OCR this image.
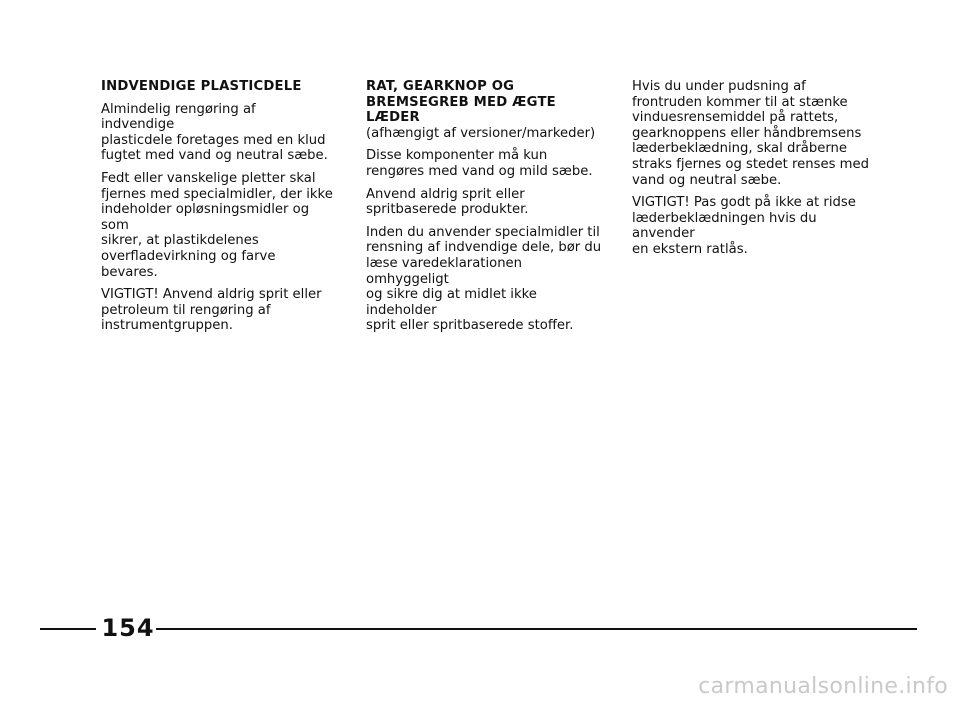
INDVENDIGE PLASTICDELE

Almindelig rengøring af indvendige
plasticdele foretages med en klud
fugtet med vand og neutral sæbe.

Fedt eller vanskelige pletter skal
fjernes med specialmidler, der ikke
indeholder opløsningsmidler og som
sikrer, at plastikdelenes
overfladevirkning og farve bevares.

VIGTIGT! Anvend aldrig sprit eller
petroleum til rengøring af
instrumentgruppen.

RAT, GEARKNOP OG
BREMSEGREB MED ÆGTE
LÆDER
(afhængigt af versioner/markeder)

Disse komponenter må kun
rengøres med vand og mild sæbe.

Anvend aldrig sprit eller
spritbaserede produkter.

Inden du anvender specialmidler til
rensning af indvendige dele, bør du
læse varedeklarationen omhyggeligt
og sikre dig at midlet ikke indeholder
sprit eller spritbaserede stoffer.

Hvis du under pudsning af
frontruden kommer til at stænke
vinduesrensemiddel på rattets,
gearknoppens eller håndbremsens
læderbeklædning, skal dråberne
straks fjernes og stedet renses med
vand og neutral sæbe.

VIGTIGT! Pas godt på ikke at ridse
læderbeklædningen hvis du anvender
en ekstern ratlås.

154
carmanualsonline.info
